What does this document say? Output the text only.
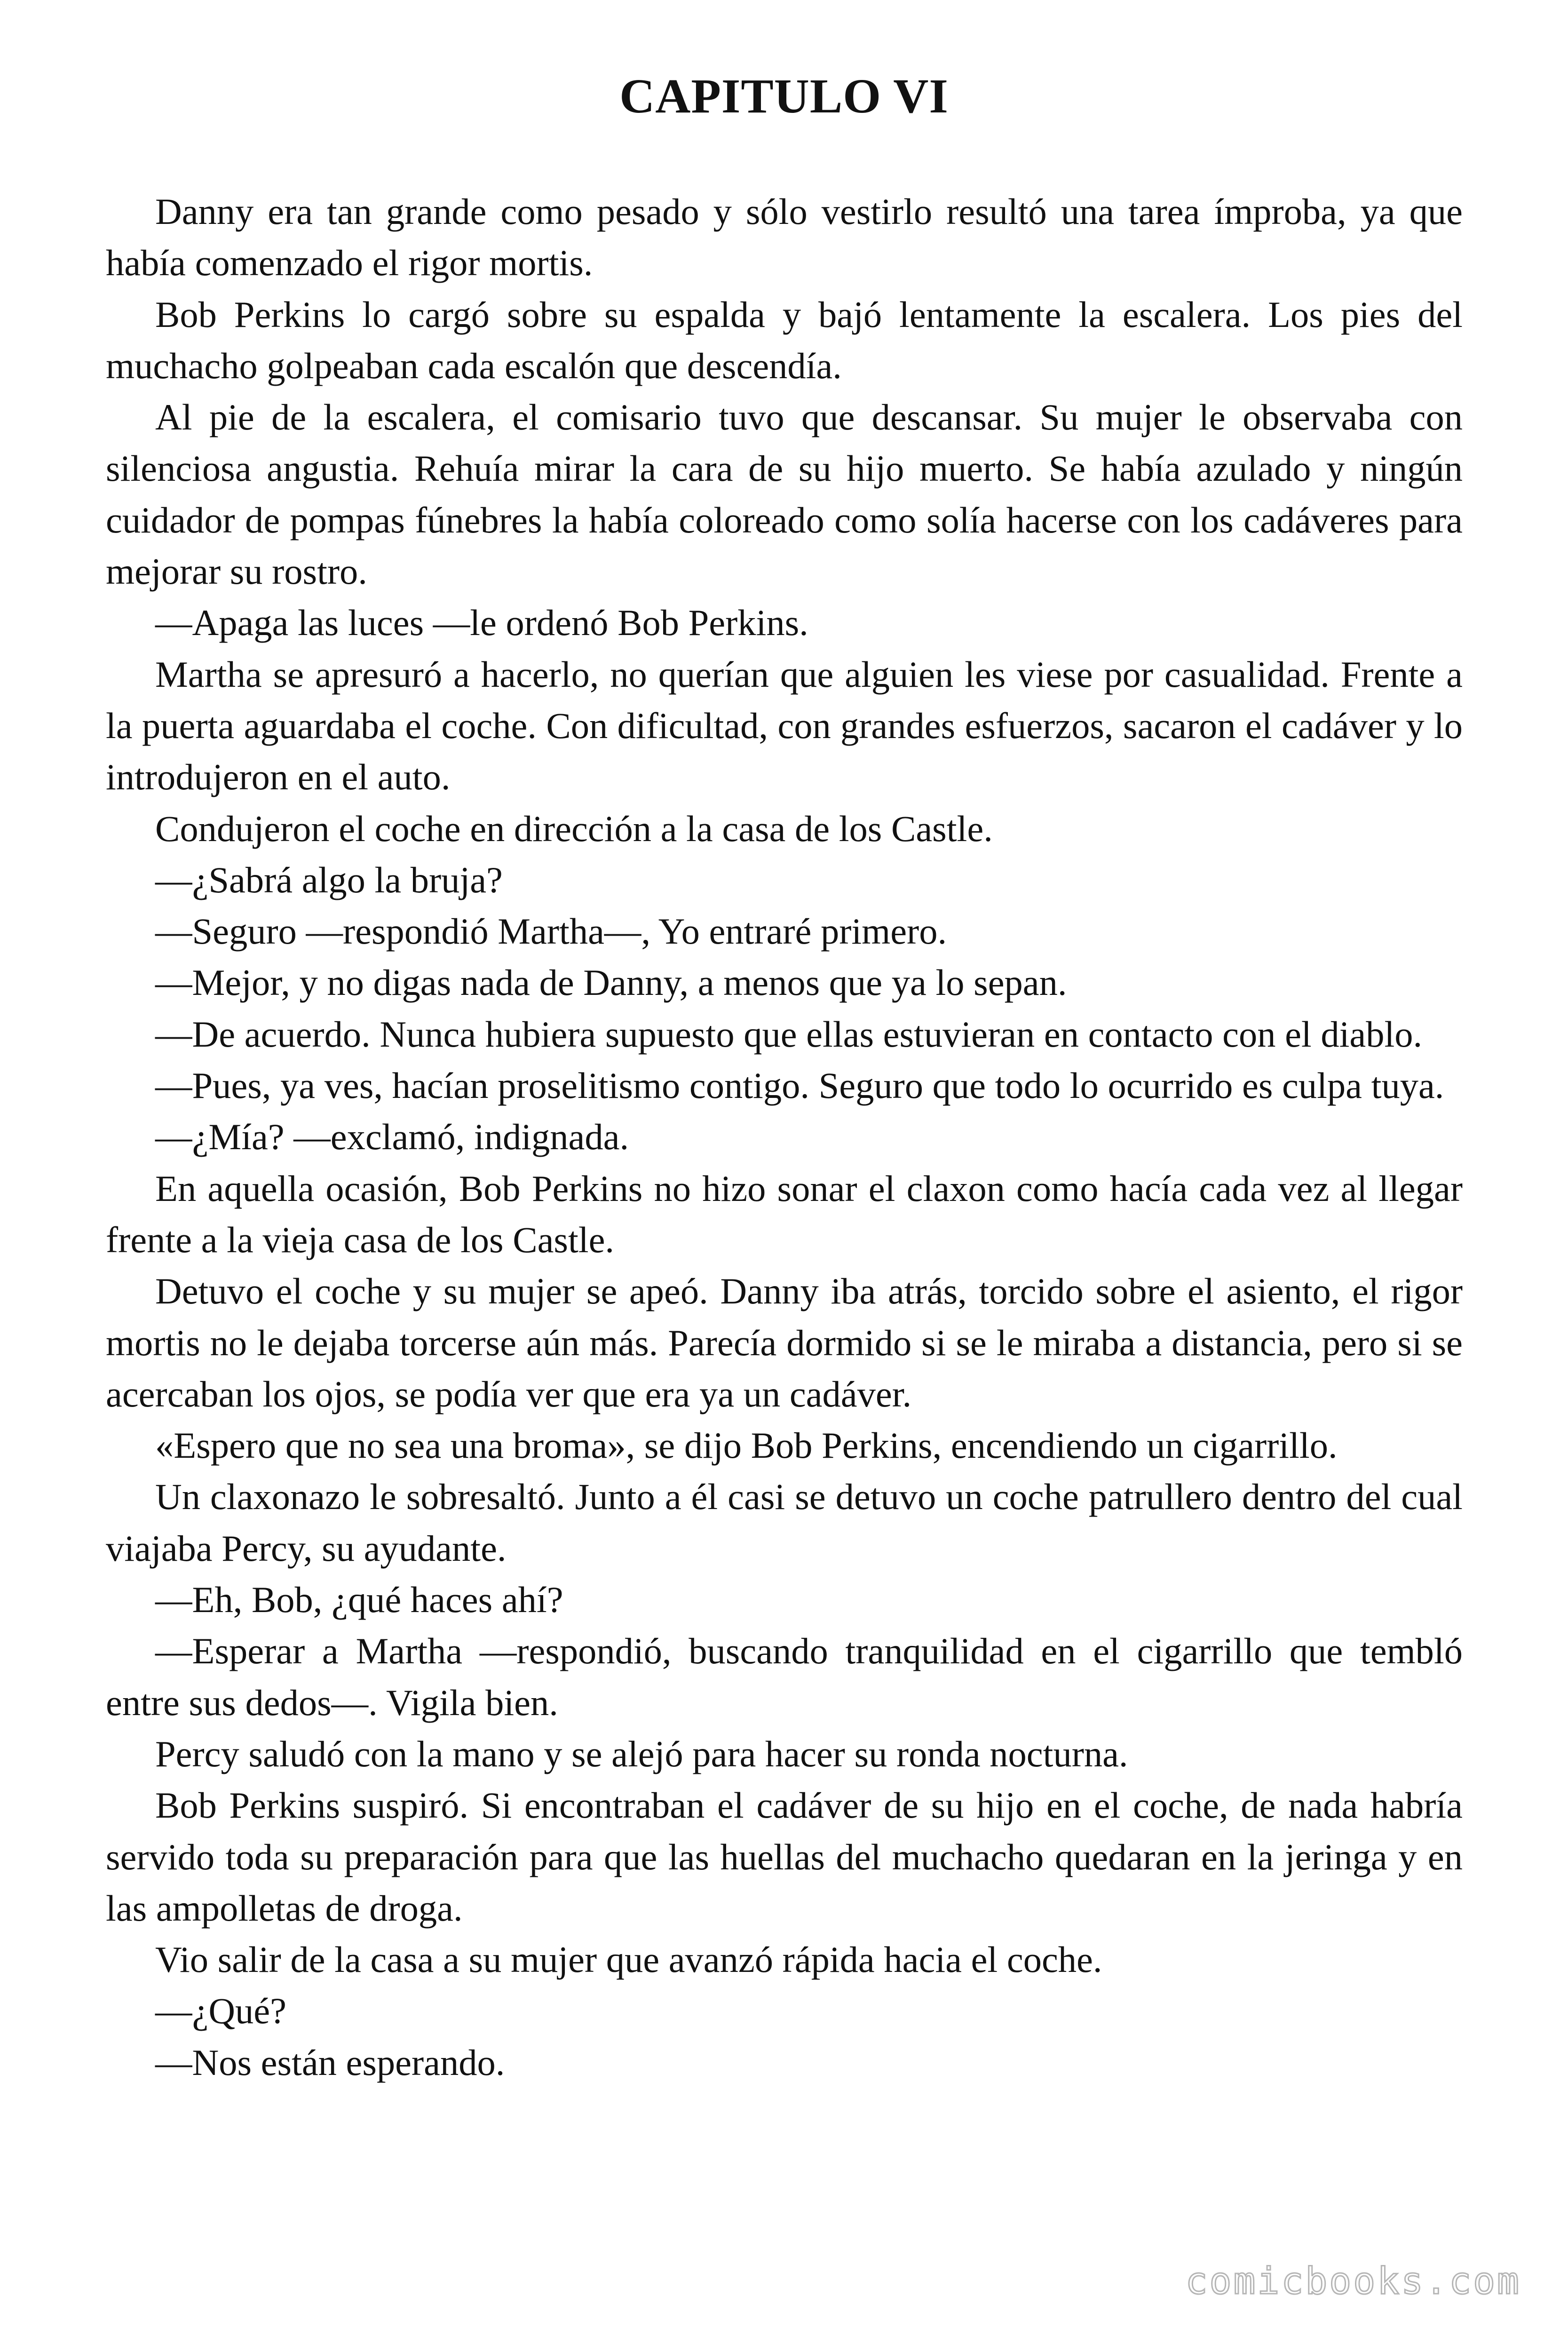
CAPITULO VI

Danny era tan grande como pesado y sólo vestirlo resultó una tarea ímproba, ya que había comenzado el rigor mortis.

Bob Perkins lo cargó sobre su espalda y bajó lentamente la escalera. Los pies del muchacho golpeaban cada escalón que descendía.

Al pie de la escalera, el comisario tuvo que descansar. Su mujer le observaba con silenciosa angustia. Rehuía mirar la cara de su hijo muerto. Se había azulado y ningún cuidador de pompas fúnebres la había coloreado como solía hacerse con los cadáveres para mejorar su rostro.

—Apaga las luces —le ordenó Bob Perkins.

Martha se apresuró a hacerlo, no querían que alguien les viese por casualidad. Frente a la puerta aguardaba el coche. Con dificultad, con grandes esfuerzos, sacaron el cadáver y lo introdujeron en el auto.

Condujeron el coche en dirección a la casa de los Castle.

—¿Sabrá algo la bruja?

—Seguro —respondió Martha—, Yo entraré primero.

—Mejor, y no digas nada de Danny, a menos que ya lo sepan.

—De acuerdo. Nunca hubiera supuesto que ellas estuvieran en contacto con el diablo.

—Pues, ya ves, hacían proselitismo contigo. Seguro que todo lo ocurrido es culpa tuya.

—¿Mía? —exclamó, indignada.

En aquella ocasión, Bob Perkins no hizo sonar el claxon como hacía cada vez al llegar frente a la vieja casa de los Castle.

Detuvo el coche y su mujer se apeó. Danny iba atrás, torcido sobre el asiento, el rigor mortis no le dejaba torcerse aún más. Parecía dormido si se le miraba a distancia, pero si se acercaban los ojos, se podía ver que era ya un cadáver.

«Espero que no sea una broma», se dijo Bob Perkins, encendiendo un cigarrillo.

Un claxonazo le sobresaltó. Junto a él casi se detuvo un coche patrullero dentro del cual viajaba Percy, su ayudante.

—Eh, Bob, ¿qué haces ahí?

—Esperar a Martha —respondió, buscando tranquilidad en el cigarrillo que tembló entre sus dedos—. Vigila bien.

Percy saludó con la mano y se alejó para hacer su ronda nocturna.

Bob Perkins suspiró. Si encontraban el cadáver de su hijo en el coche, de nada habría servido toda su preparación para que las huellas del muchacho quedaran en la jeringa y en las ampolletas de droga.

Vio salir de la casa a su mujer que avanzó rápida hacia el coche.

—¿Qué?

—Nos están esperando.

comicbooks.com
